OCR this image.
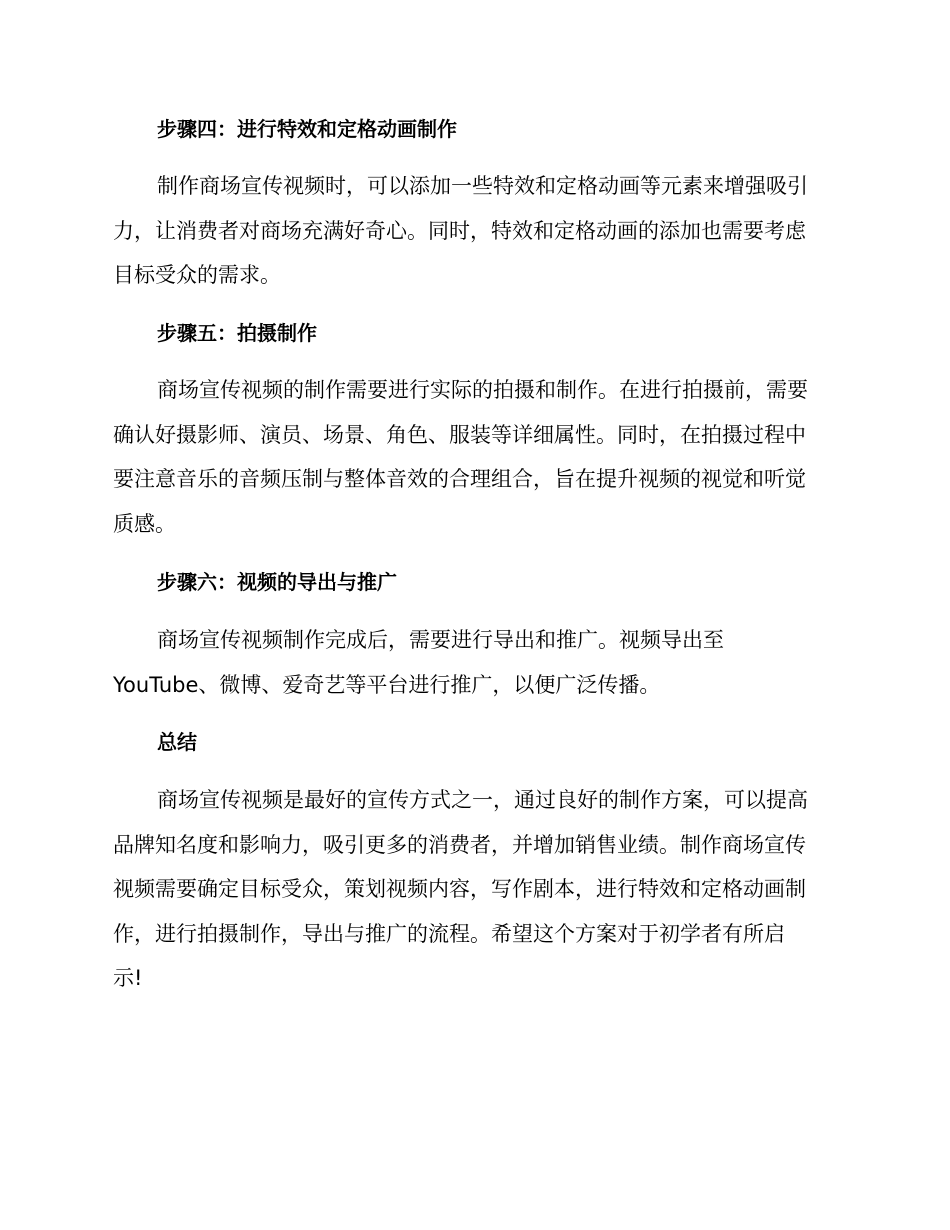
步骤四：进行特效和定格动画制作
制作商场宣传视频时，可以添加一些特效和定格动画等元素来增强吸引
力，让消费者对商场充满好奇心。同时，特效和定格动画的添加也需要考虑
目标受众的需求。
步骤五：拍摄制作
商场宣传视频的制作需要进行实际的拍摄和制作。在进行拍摄前，需要
确认好摄影师、演员、场景、角色、服装等详细属性。同时，在拍摄过程中
要注意音乐的音频压制与整体音效的合理组合，旨在提升视频的视觉和听觉
质感。
步骤六：视频的导出与推广
商场宣传视频制作完成后，需要进行导出和推广。视频导出至
YouTube、微博、爱奇艺等平台进行推广，以便广泛传播。
总结
商场宣传视频是最好的宣传方式之一，通过良好的制作方案，可以提高
品牌知名度和影响力，吸引更多的消费者，并增加销售业绩。制作商场宣传
视频需要确定目标受众，策划视频内容，写作剧本，进行特效和定格动画制
作，进行拍摄制作，导出与推广的流程。希望这个方案对于初学者有所启
示!
